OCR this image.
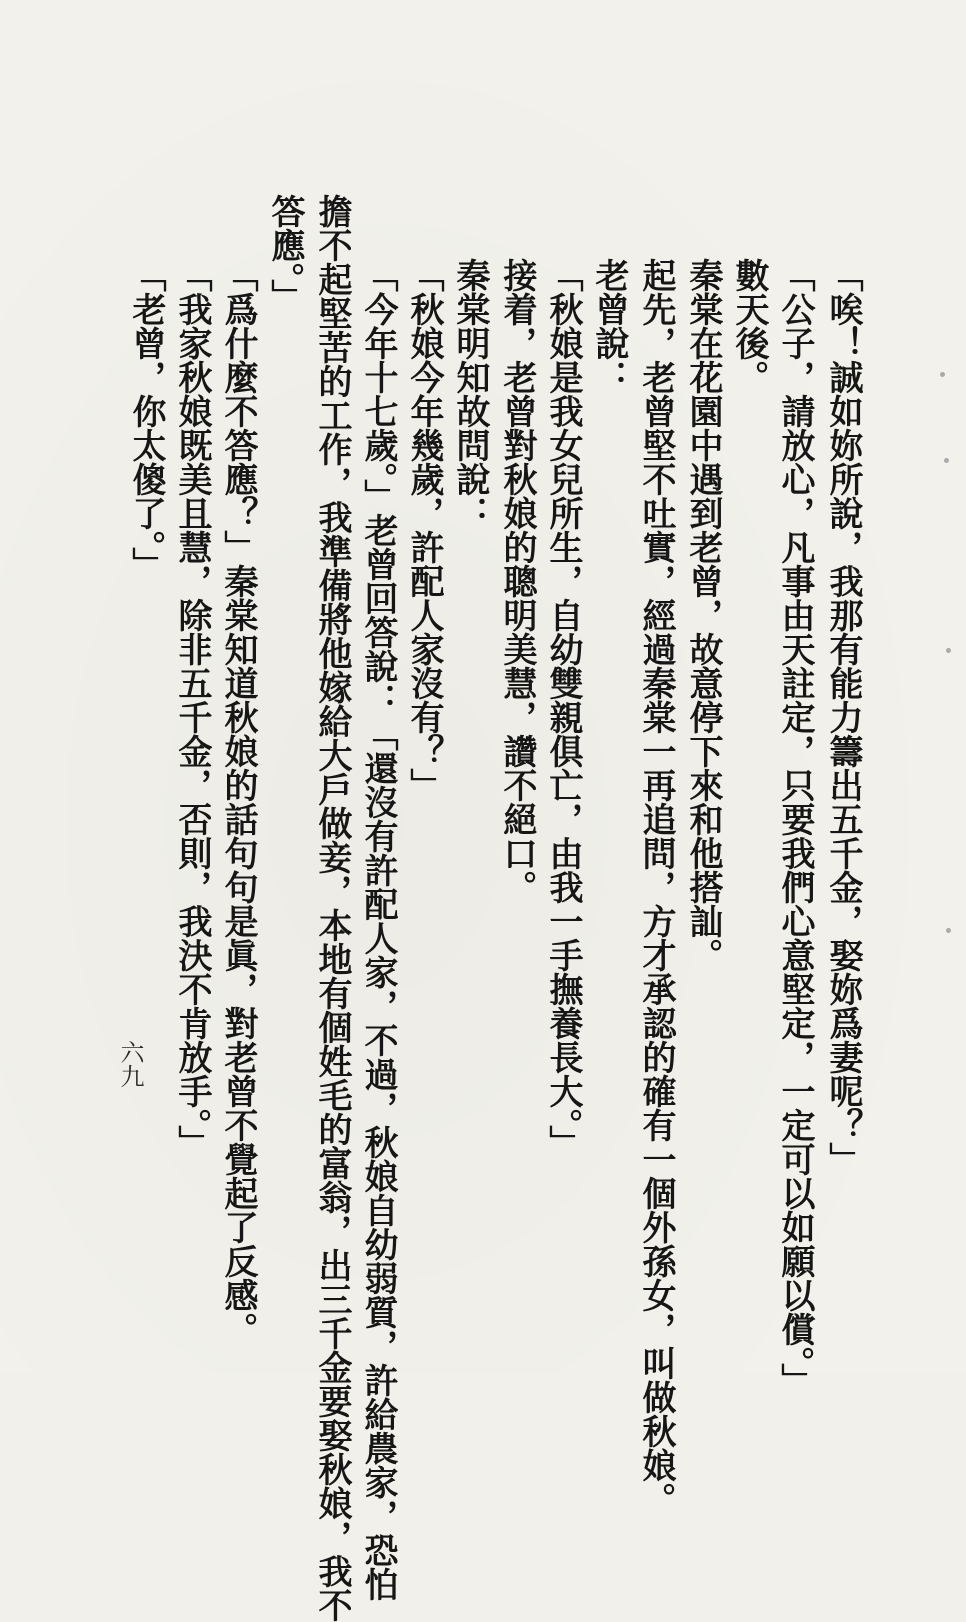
「唉！誠如妳所說，我那有能力籌出五千金，娶妳爲妻呢？」
「公子，請放心，凡事由天註定，只要我們心意堅定，一定可以如願以償。」
數天後。
秦棠在花園中遇到老曾，故意停下來和他搭訕。
起先，老曾堅不吐實，經過秦棠一再追問，方才承認的確有一個外孫女，叫做秋娘。
老曾說：
「秋娘是我女兒所生，自幼雙親俱亡，由我一手撫養長大。」
接着，老曾對秋娘的聰明美慧，讚不絕口。
秦棠明知故問說：
「秋娘今年幾歲，許配人家沒有？」
「今年十七歲。」老曾回答說：「還沒有許配人家，不過，秋娘自幼弱質，許給農家，恐怕
擔不起堅苦的工作，我準備將他嫁給大戶做妾，本地有個姓毛的富翁，出三千金要娶秋娘，我不
答應。」
「爲什麼不答應？」秦棠知道秋娘的話句句是眞，對老曾不覺起了反感。
「我家秋娘既美且慧，除非五千金，否則，我決不肯放手。」
「老曾，你太傻了。」
六九
